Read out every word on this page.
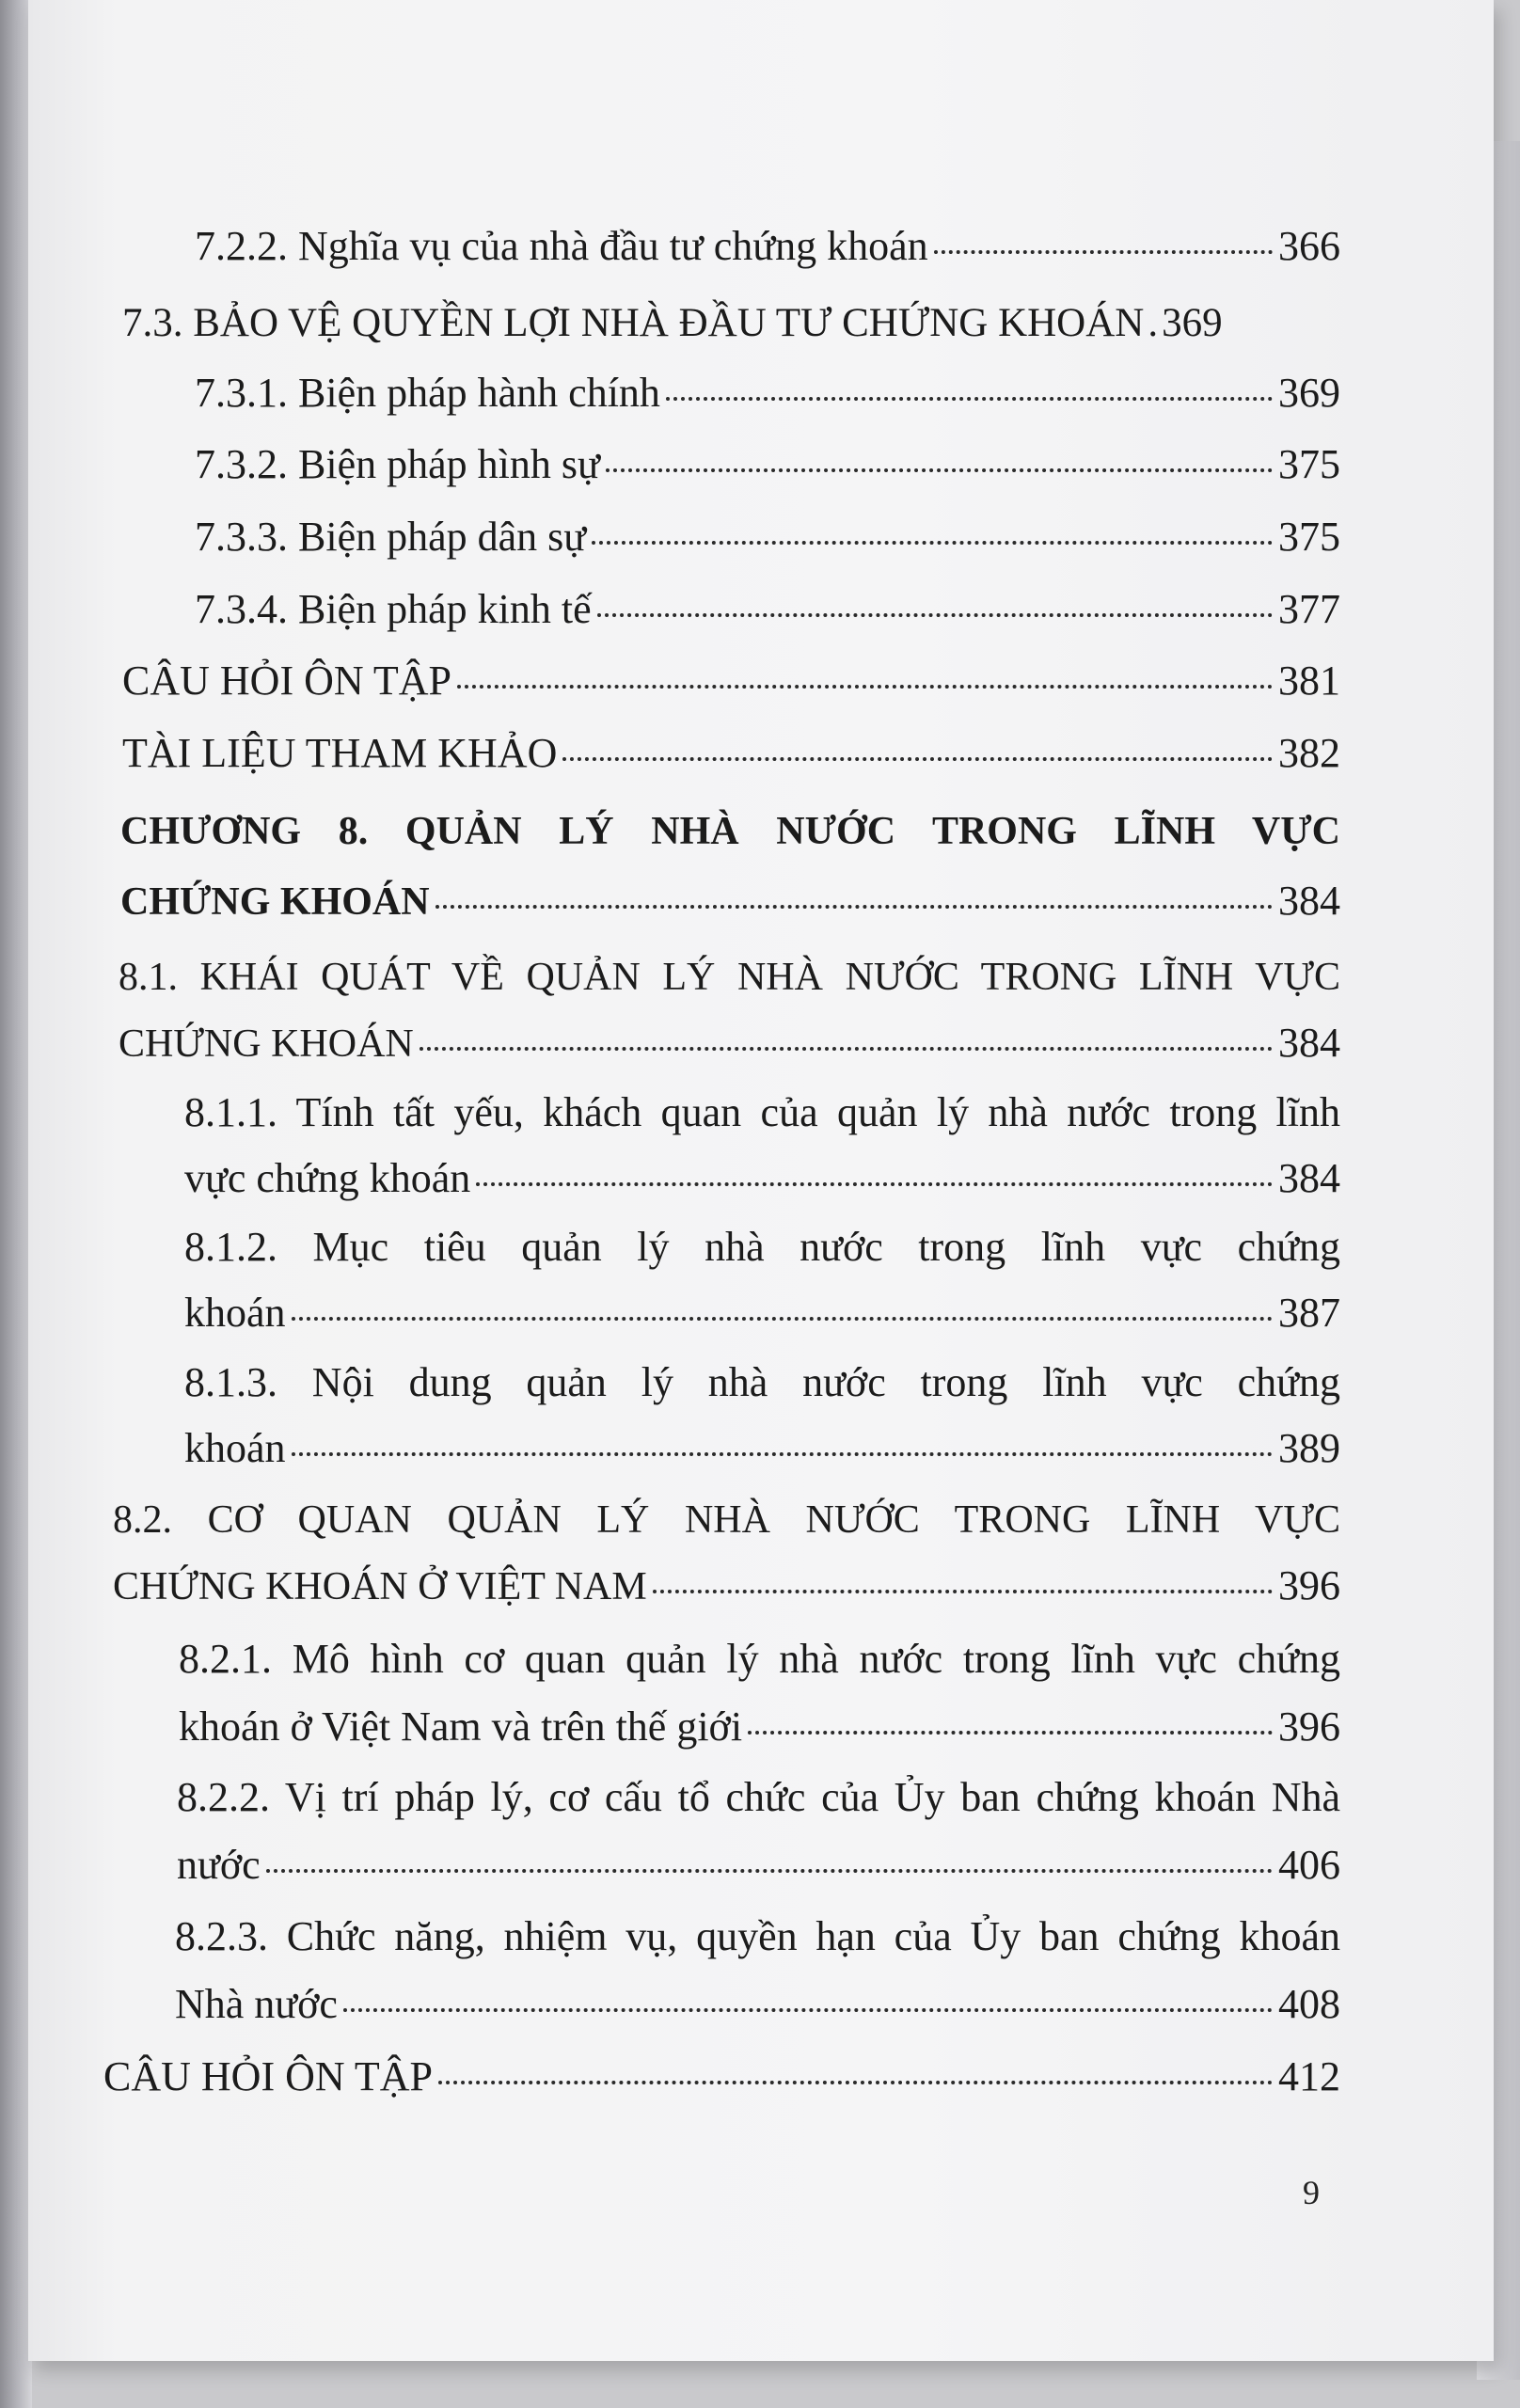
7.2.2. Nghĩa vụ của nhà đầu tư chứng khoán	366
7.3. BẢO VỆ QUYỀN LỢI NHÀ ĐẦU TƯ CHỨNG KHOÁN . 369
7.3.1. Biện pháp hành chính	369
7.3.2. Biện pháp hình sự	375
7.3.3. Biện pháp dân sự	375
7.3.4. Biện pháp kinh tế	377
CÂU HỎI ÔN TẬP	381
TÀI LIỆU THAM KHẢO	382
CHƯƠNG 8. QUẢN LÝ NHÀ NƯỚC TRONG LĨNH VỰC
CHỨNG KHOÁN	384
8.1. KHÁI QUÁT VỀ QUẢN LÝ NHÀ NƯỚC TRONG LĨNH VỰC
CHỨNG KHOÁN	384
8.1.1. Tính tất yếu, khách quan của quản lý nhà nước trong lĩnh
vực chứng khoán	384
8.1.2. Mục tiêu quản lý nhà nước trong lĩnh vực chứng
khoán	387
8.1.3. Nội dung quản lý nhà nước trong lĩnh vực chứng
khoán	389
8.2. CƠ QUAN QUẢN LÝ NHÀ NƯỚC TRONG LĨNH VỰC
CHỨNG KHOÁN Ở VIỆT NAM	396
8.2.1. Mô hình cơ quan quản lý nhà nước trong lĩnh vực chứng
khoán ở Việt Nam và trên thế giới	396
8.2.2. Vị trí pháp lý, cơ cấu tổ chức của Ủy ban chứng khoán Nhà
nước	406
8.2.3. Chức năng, nhiệm vụ, quyền hạn của Ủy ban chứng khoán
Nhà nước	408
CÂU HỎI ÔN TẬP	412
9
